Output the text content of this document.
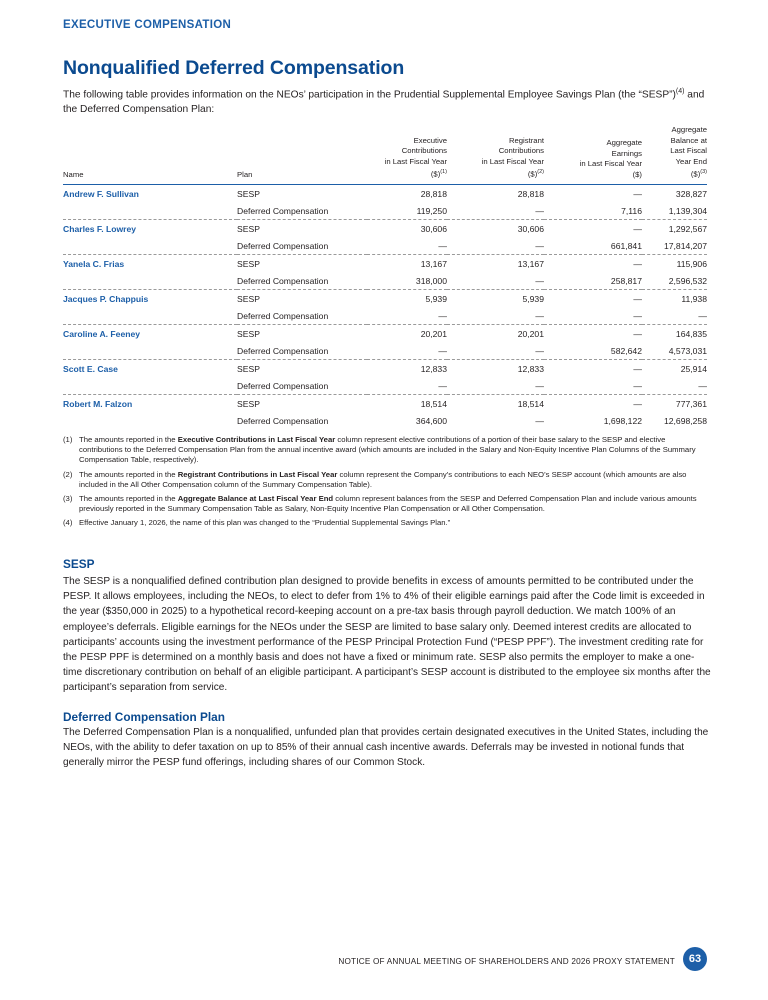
EXECUTIVE COMPENSATION
Nonqualified Deferred Compensation

The following table provides information on the NEOs’ participation in the Prudential Supplemental Employee Savings Plan (the “SESP”)$^{(4)}$ and the Deferred Compensation Plan:

Name	Plan	Executive
Contributions
in Last Fiscal Year
($)$^{(1)}$	Registrant
Contributions
in Last Fiscal Year
($)$^{(2)}$	Aggregate
Earnings
in Last Fiscal Year
($)	Aggregate
Balance at
Last Fiscal
Year End
($)$^{(3)}$
Andrew F. Sullivan	SESP	28,818	28,818	—	328,827
	Deferred Compensation	119,250	—	7,116	1,139,304
Charles F. Lowrey	SESP	30,606	30,606	—	1,292,567
	Deferred Compensation	—	—	661,841	17,814,207
Yanela C. Frias	SESP	13,167	13,167	—	115,906
	Deferred Compensation	318,000	—	258,817	2,596,532
Jacques P. Chappuis	SESP	5,939	5,939	—	11,938
	Deferred Compensation	—	—	—	—
Caroline A. Feeney	SESP	20,201	20,201	—	164,835
	Deferred Compensation	—	—	582,642	4,573,031
Scott E. Case	SESP	12,833	12,833	—	25,914
	Deferred Compensation	—	—	—	—
Robert M. Falzon	SESP	18,514	18,514	—	777,361
	Deferred Compensation	364,600	—	1,698,122	12,698,258
(1) The amounts reported in the Executive Contributions in Last Fiscal Year column represent elective contributions of a portion of their base salary to the SESP and elective contributions to the Deferred Compensation Plan from the annual incentive award (which amounts are included in the Salary and Non-Equity Incentive Plan Columns of the Summary Compensation Table, respectively).
(2) The amounts reported in the Registrant Contributions in Last Fiscal Year column represent the Company’s contributions to each NEO’s SESP account (which amounts are also included in the All Other Compensation column of the Summary Compensation Table).
(3) The amounts reported in the Aggregate Balance at Last Fiscal Year End column represent balances from the SESP and Deferred Compensation Plan and include various amounts previously reported in the Summary Compensation Table as Salary, Non-Equity Incentive Plan Compensation or All Other Compensation.
(4) Effective January 1, 2026, the name of this plan was changed to the “Prudential Supplemental Savings Plan.”
SESP

The SESP is a nonqualified defined contribution plan designed to provide benefits in excess of amounts permitted to be contributed under the PESP. It allows employees, including the NEOs, to elect to defer from 1% to 4% of their eligible earnings paid after the Code limit is exceeded in the year ($350,000 in 2025) to a hypothetical record-keeping account on a pre-tax basis through payroll deduction. We match 100% of an employee’s deferrals. Eligible earnings for the NEOs under the SESP are limited to base salary only. Deemed interest credits are allocated to participants’ accounts using the investment performance of the PESP Principal Protection Fund (“PESP PPF”). The investment crediting rate for the PESP PPF is determined on a monthly basis and does not have a fixed or minimum rate. SESP also permits the employer to make a one-time discretionary contribution on behalf of an eligible participant. A participant’s SESP account is distributed to the employee six months after the participant’s separation from service.

Deferred Compensation Plan

The Deferred Compensation Plan is a nonqualified, unfunded plan that provides certain designated executives in the United States, including the NEOs, with the ability to defer taxation on up to 85% of their annual cash incentive awards. Deferrals may be invested in notional funds that generally mirror the PESP fund offerings, including shares of our Common Stock.

NOTICE OF ANNUAL MEETING OF SHAREHOLDERS AND 2026 PROXY STATEMENT	63
